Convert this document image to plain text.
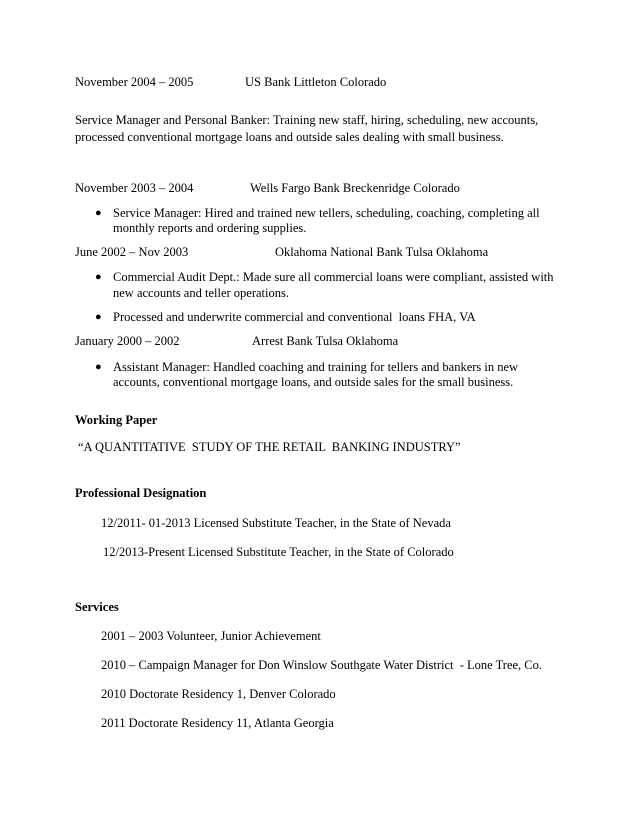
November 2004 – 2005	US Bank Littleton Colorado
Service Manager and Personal Banker: Training new staff, hiring, scheduling, new accounts,
processed conventional mortgage loans and outside sales dealing with small business.
November 2003 – 2004	Wells Fargo Bank Breckenridge Colorado
● Service Manager: Hired and trained new tellers, scheduling, coaching, completing all
monthly reports and ordering supplies.
June 2002 – Nov 2003	Oklahoma National Bank Tulsa Oklahoma
● Commercial Audit Dept.: Made sure all commercial loans were compliant, assisted with
new accounts and teller operations.
● Processed and underwrite commercial and conventional  loans FHA, VA
January 2000 – 2002	Arrest Bank Tulsa Oklahoma
● Assistant Manager: Handled coaching and training for tellers and bankers in new
accounts, conventional mortgage loans, and outside sales for the small business.
Working Paper
“A QUANTITATIVE  STUDY OF THE RETAIL  BANKING INDUSTRY”
Professional Designation
12/2011- 01-2013 Licensed Substitute Teacher, in the State of Nevada
12/2013-Present Licensed Substitute Teacher, in the State of Colorado
Services
2001 – 2003 Volunteer, Junior Achievement
2010 – Campaign Manager for Don Winslow Southgate Water District  - Lone Tree, Co.
2010 Doctorate Residency 1, Denver Colorado
2011 Doctorate Residency 11, Atlanta Georgia
